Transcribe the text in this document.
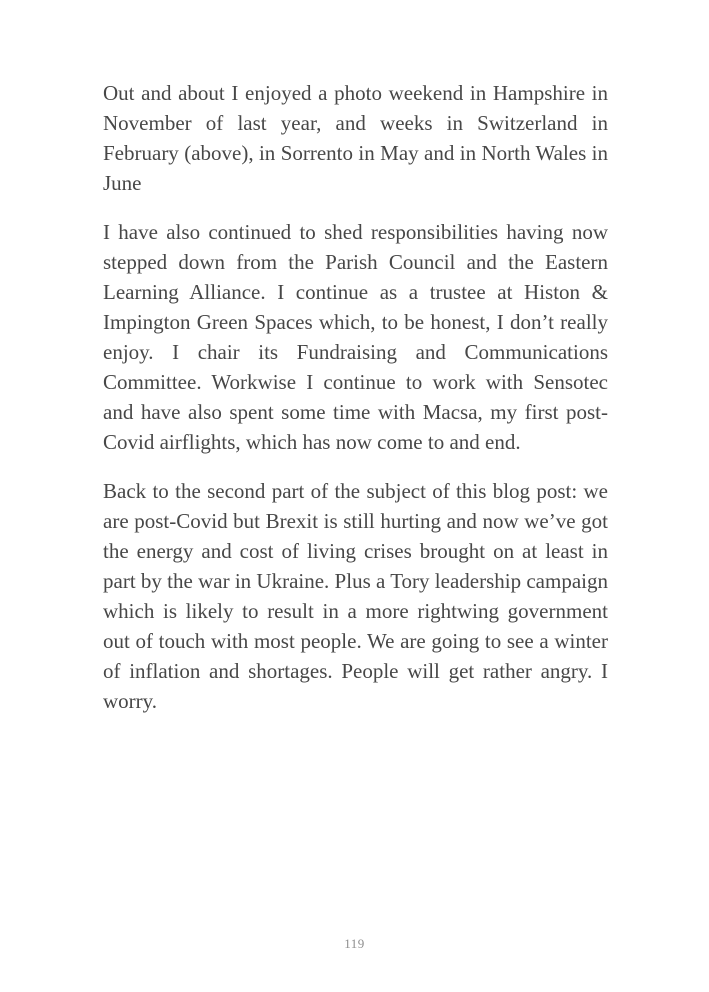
Out and about I enjoyed a photo weekend in Hampshire in November of last year, and weeks in Switzerland in February (above), in Sorrento in May and in North Wales in June

I have also continued to shed responsibilities having now stepped down from the Parish Council and the Eastern Learning Alliance. I continue as a trustee at Histon & Impington Green Spaces which, to be honest, I don’t really enjoy. I chair its Fundraising and Communications Committee. Workwise I continue to work with Sensotec and have also spent some time with Macsa, my first post-Covid airflights, which has now come to and end.

Back to the second part of the subject of this blog post: we are post-Covid but Brexit is still hurting and now we’ve got the energy and cost of living crises brought on at least in part by the war in Ukraine. Plus a Tory leadership campaign which is likely to result in a more rightwing government out of touch with most people. We are going to see a winter of inflation and shortages. People will get rather angry. I worry.

119
